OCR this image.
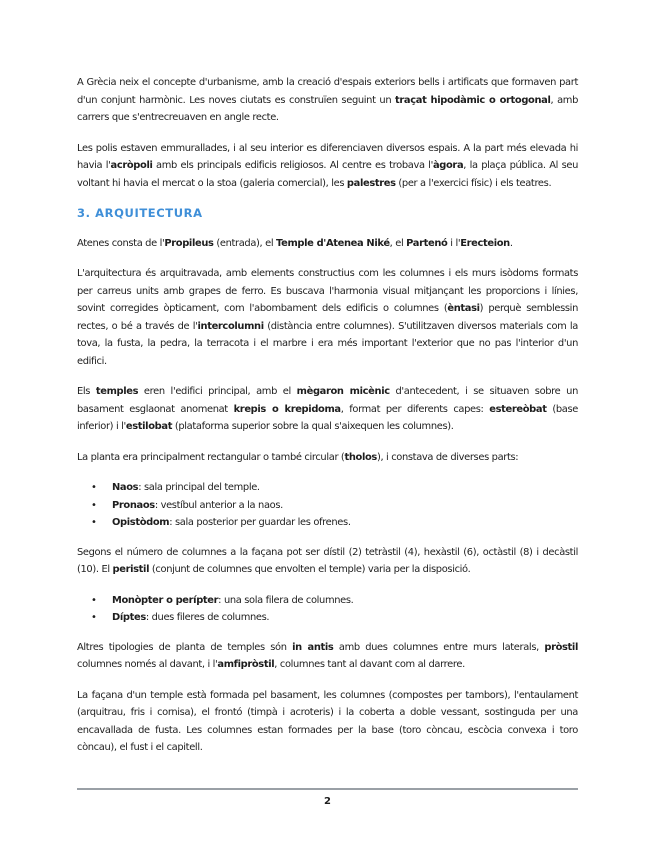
A Grècia neix el concepte d'urbanisme, amb la creació d'espais exteriors bells i artificats que formaven part d'un conjunt harmònic. Les noves ciutats es construïen seguint un traçat hipodàmic o ortogonal, amb carrers que s'entrecreuaven en angle recte.

Les polis estaven emmurallades, i al seu interior es diferenciaven diversos espais. A la part més elevada hi havia l'acròpoli amb els principals edificis religiosos. Al centre es trobava l'àgora, la plaça pública. Al seu voltant hi havia el mercat o la stoa (galeria comercial), les palestres (per a l'exercici físic) i els teatres.

3. ARQUITECTURA

Atenes consta de l'Propileus (entrada), el Temple d'Atenea Niké, el Partenó i l'Erecteion.

L'arquitectura és arquitravada, amb elements constructius com les columnes i els murs isòdoms formats per carreus units amb grapes de ferro. Es buscava l'harmonia visual mitjançant les proporcions i línies, sovint corregides òpticament, com l'abombament dels edificis o columnes (èntasi) perquè semblessin rectes, o bé a través de l'intercolumni (distància entre columnes). S'utilitzaven diversos materials com la tova, la fusta, la pedra, la terracota i el marbre i era més important l'exterior que no pas l'interior d'un edifici.

Els temples eren l'edifici principal, amb el mègaron micènic d'antecedent, i se situaven sobre un basament esglaonat anomenat krepis o krepidoma, format per diferents capes: estereòbat (base inferior) i l'estilobat (plataforma superior sobre la qual s'aixequen les columnes).

La planta era principalment rectangular o també circular (tholos), i constava de diverses parts:

• Naos: sala principal del temple.
• Pronaos: vestíbul anterior a la naos.
• Opistòdom: sala posterior per guardar les ofrenes.

Segons el número de columnes a la façana pot ser dístil (2) tetràstil (4), hexàstil (6), octàstil (8) i decàstil (10). El peristil (conjunt de columnes que envolten el temple) varia per la disposició.

• Monòpter o perípter: una sola filera de columnes.
• Díptes: dues fileres de columnes.

Altres tipologies de planta de temples són in antis amb dues columnes entre murs laterals, pròstil columnes només al davant, i l'amfipròstil, columnes tant al davant com al darrere.

La façana d'un temple està formada pel basament, les columnes (compostes per tambors), l'entaulament (arquitrau, fris i cornisa), el frontó (timpà i acroteris) i la coberta a doble vessant, sostinguda per una encavallada de fusta. Les columnes estan formades per la base (toro còncau, escòcia convexa i toro còncau), el fust i el capitell.

2
